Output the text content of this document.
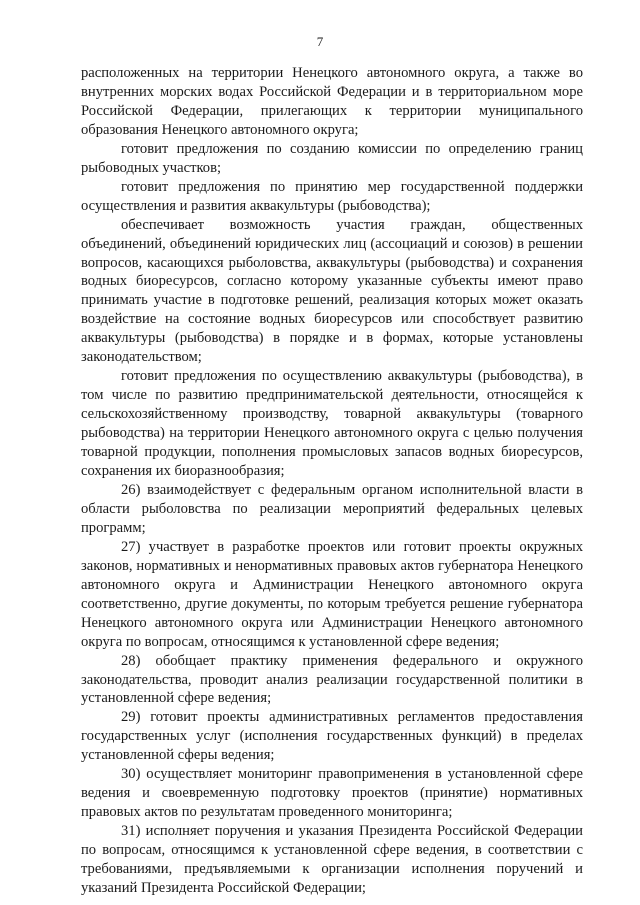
7

расположенных на территории Ненецкого автономного округа, а также во внутренних морских водах Российской Федерации и в территориальном море Российской Федерации, прилегающих к территории муниципального образования Ненецкого автономного округа;

готовит предложения по созданию комиссии по определению границ рыбоводных участков;

готовит предложения по принятию мер государственной поддержки осуществления и развития аквакультуры (рыбоводства);

обеспечивает возможность участия граждан, общественных объединений, объединений юридических лиц (ассоциаций и союзов) в решении вопросов, касающихся рыболовства, аквакультуры (рыбоводства) и сохранения водных биоресурсов, согласно которому указанные субъекты имеют право принимать участие в подготовке решений, реализация которых может оказать воздействие на состояние водных биоресурсов или способствует развитию аквакультуры (рыбоводства) в порядке и в формах, которые установлены законодательством;

готовит предложения по осуществлению аквакультуры (рыбоводства), в том числе по развитию предпринимательской деятельности, относящейся к сельскохозяйственному производству, товарной аквакультуры (товарного рыбоводства) на территории Ненецкого автономного округа с целью получения товарной продукции, пополнения промысловых запасов водных биоресурсов, сохранения их биоразнообразия;

26) взаимодействует с федеральным органом исполнительной власти в области рыболовства по реализации мероприятий федеральных целевых программ;

27) участвует в разработке проектов или готовит проекты окружных законов, нормативных и ненормативных правовых актов губернатора Ненецкого автономного округа и Администрации Ненецкого автономного округа соответственно, другие документы, по которым требуется решение губернатора Ненецкого автономного округа или Администрации Ненецкого автономного округа по вопросам, относящимся к установленной сфере ведения;

28) обобщает практику применения федерального и окружного законодательства, проводит анализ реализации государственной политики в установленной сфере ведения;

29) готовит проекты административных регламентов предоставления государственных услуг (исполнения государственных функций) в пределах установленной сферы ведения;

30) осуществляет мониторинг правоприменения в установленной сфере ведения и своевременную подготовку проектов (принятие) нормативных правовых актов по результатам проведенного мониторинга;

31) исполняет поручения и указания Президента Российской Федерации по вопросам, относящимся к установленной сфере ведения, в соответствии с требованиями, предъявляемыми к организации исполнения поручений и указаний Президента Российской Федерации;
